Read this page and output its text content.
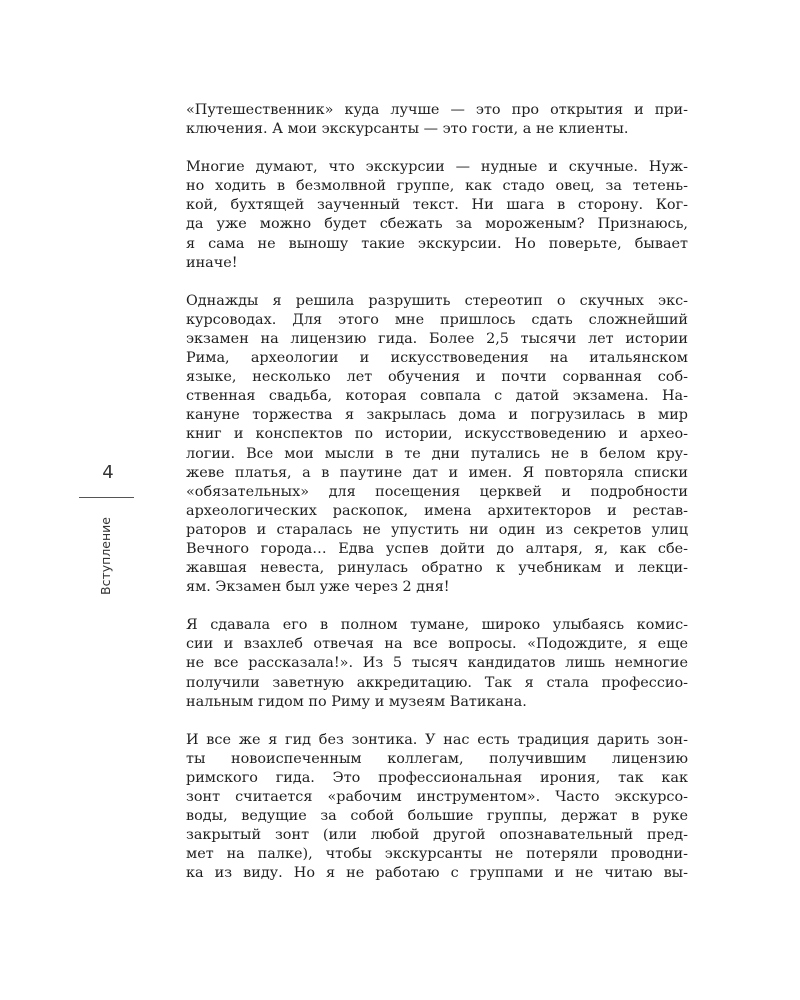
«Путешественник» куда лучше — это про открытия и при-
ключения. А мои экскурсанты — это гости, а не клиенты.
Многие думают, что экскурсии — нудные и скучные. Нуж-
но ходить в безмолвной группе, как стадо овец, за тетень-
кой, бухтящей заученный текст. Ни шага в сторону. Ког-
да уже можно будет сбежать за мороженым? Признаюсь,
я сама не выношу такие экскурсии. Но поверьте, бывает
иначе!
Однажды я решила разрушить стереотип о скучных экс-
курсоводах. Для этого мне пришлось сдать сложнейший
экзамен на лицензию гида. Более 2,5 тысячи лет истории
Рима, археологии и искусствоведения на итальянском
языке, несколько лет обучения и почти сорванная соб-
ственная свадьба, которая совпала с датой экзамена. На-
кануне торжества я закрылась дома и погрузилась в мир
книг и конспектов по истории, искусствоведению и архео-
логии. Все мои мысли в те дни путались не в белом кру-
жеве платья, а в паутине дат и имен. Я повторяла списки
«обязательных» для посещения церквей и подробности
археологических раскопок, имена архитекторов и рестав-
раторов и старалась не упустить ни один из секретов улиц
Вечного города… Едва успев дойти до алтаря, я, как сбе-
жавшая невеста, ринулась обратно к учебникам и лекци-
ям. Экзамен был уже через 2 дня!
Я сдавала его в полном тумане, широко улыбаясь комис-
сии и взахлеб отвечая на все вопросы. «Подождите, я еще
не все рассказала!». Из 5 тысяч кандидатов лишь немногие
получили заветную аккредитацию. Так я стала профессио-
нальным гидом по Риму и музеям Ватикана.
И все же я гид без зонтика. У нас есть традиция дарить зон-
ты новоиспеченным коллегам, получившим лицензию
римского гида. Это профессиональная ирония, так как
зонт считается «рабочим инструментом». Часто экскурсо-
воды, ведущие за собой большие группы, держат в руке
закрытый зонт (или любой другой опознавательный пред-
мет на палке), чтобы экскурсанты не потеряли проводни-
ка из виду. Но я не работаю с группами и не читаю вы-
4
Вступление
